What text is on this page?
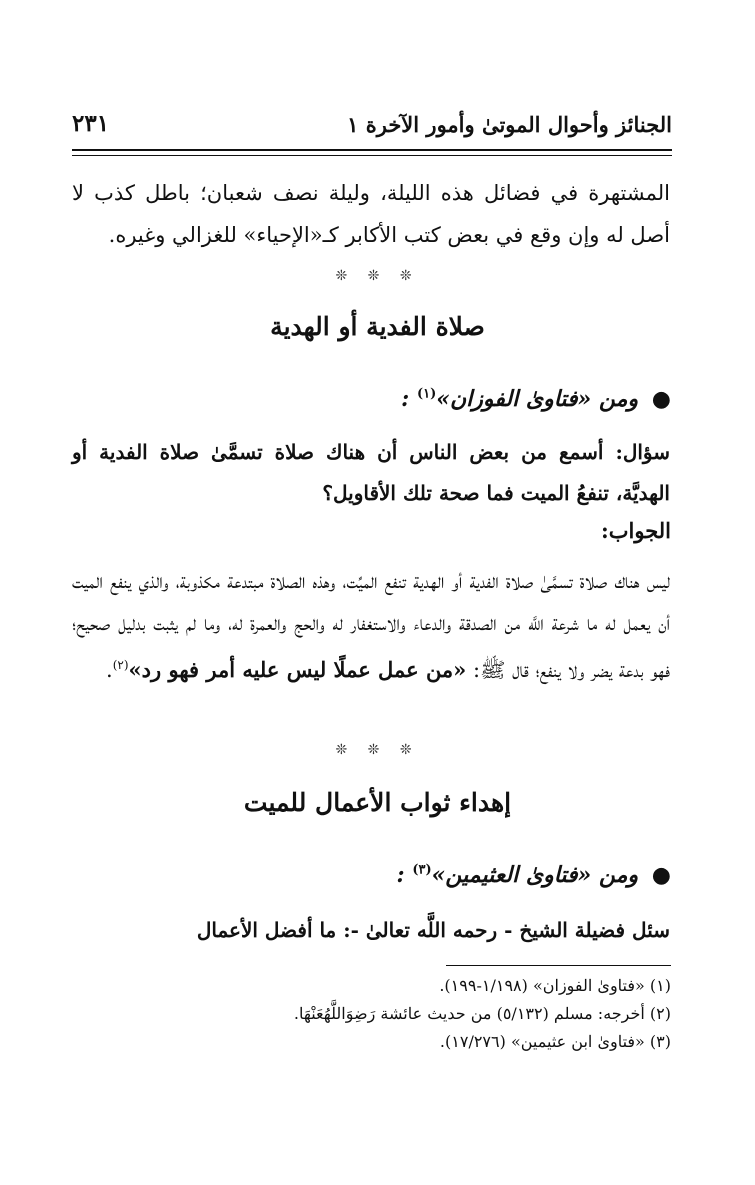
الجنائز وأحوال الموتىٰ وأمور الآخرة ١
٢٣١
المشتهرة في فضائل هذه الليلة، وليلة نصف شعبان؛ باطل كذب لا أصل له وإن وقع في بعض كتب الأكابر كـ«الإحياء» للغزالي وغيره.
❊ ❊ ❊
صلاة الفدية أو الهدية
● ومن «فتاوىٰ الفوزان»$^{(١)}$ :
سؤال: أسمع من بعض الناس أن هناك صلاة تسمَّىٰ صلاة الفدية أو الهديَّة، تنفعُ الميت فما صحة تلك الأقاويل؟
الجواب:
ليس هناك صلاة تسمَّىٰ صلاة الفدية أو الهدية تنفع الميِّت، وهذه الصلاة مبتدعة مكذوبة، والذي ينفع الميت أن يعمل له ما شرعة اللَّه من الصدقة والدعاء والاستغفار له والحج والعمرة له، وما لم يثبت بدليل صحيح؛ فهو بدعة يضر ولا ينفع؛ قال ﷺ: «من عمل عملًا ليس عليه أمر فهو رد»$^{(٢)}$.
❊ ❊ ❊
إهداء ثواب الأعمال للميت
● ومن «فتاوىٰ العثيمين»$^{(٣)}$ :
سئل فضيلة الشيخ - رحمه اللَّه تعالىٰ -: ما أفضل الأعمال
(١) «فتاوىٰ الفوزان» (١/١٩٨-١٩٩).
(٢) أخرجه: مسلم (٥/١٣٢) من حديث عائشة رَضِوَاللَّهُعَنْهَا.
(٣) «فتاوىٰ ابن عثيمين» (١٧/٢٧٦).
